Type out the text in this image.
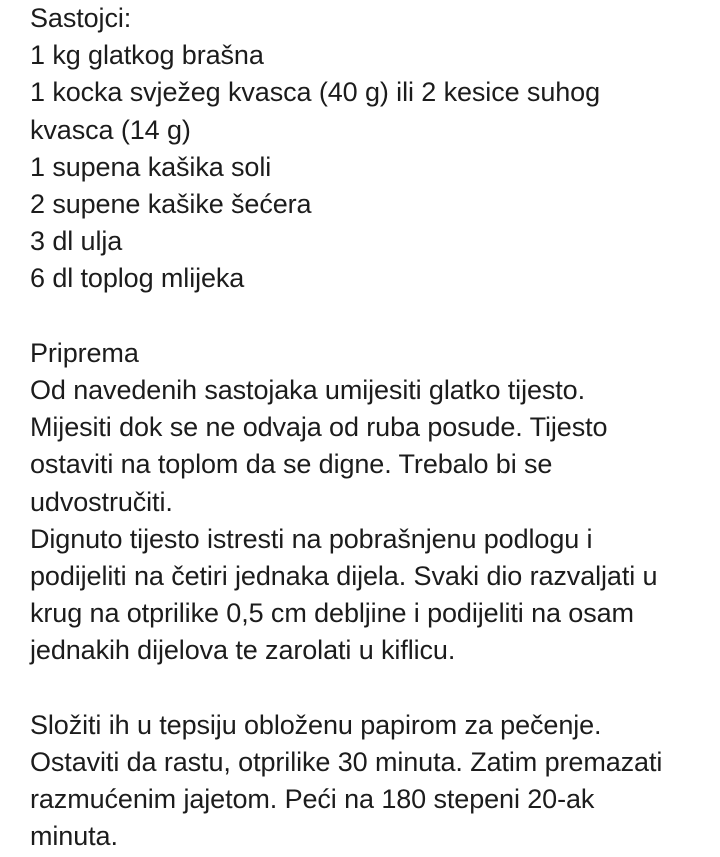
Sastojci:
1 kg glatkog brašna
1 kocka svježeg kvasca (40 g) ili 2 kesice suhog
kvasca (14 g)
1 supena kašika soli
2 supene kašike šećera
3 dl ulja
6 dl toplog mlijeka
Priprema
Od navedenih sastojaka umijesiti glatko tijesto.
Mijesiti dok se ne odvaja od ruba posude. Tijesto
ostaviti na toplom da se digne. Trebalo bi se
udvostručiti.
Dignuto tijesto istresti na pobrašnjenu podlogu i
podijeliti na četiri jednaka dijela. Svaki dio razvaljati u
krug na otprilike 0,5 cm debljine i podijeliti na osam
jednakih dijelova te zarolati u kiflicu.
Složiti ih u tepsiju obloženu papirom za pečenje.
Ostaviti da rastu, otprilike 30 minuta. Zatim premazati
razmućenim jajetom. Peći na 180 stepeni 20-ak
minuta.
